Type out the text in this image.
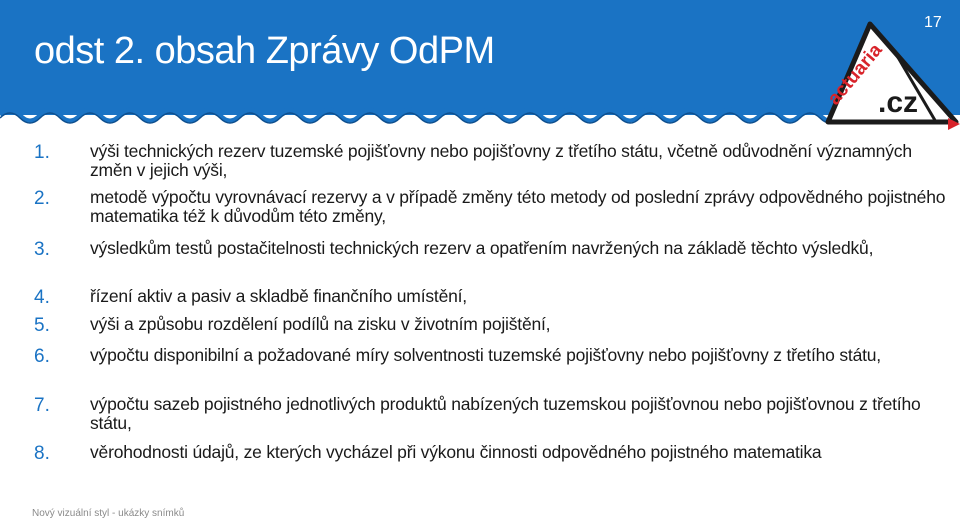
odst 2. obsah Zprávy OdPM
17
.cz
actuaria
1. výši technických rezerv tuzemské pojišťovny nebo pojišťovny z třetího státu, včetně odůvodnění významných změn v jejich výši,
2. metodě výpočtu vyrovnávací rezervy a v případě změny této metody od poslední zprávy odpovědného pojistného matematika též k důvodům této změny,
3. výsledkům testů postačitelnosti technických rezerv a opatřením navržených na základě těchto výsledků,
4. řízení aktiv a pasiv a skladbě finančního umístění,
5. výši a způsobu rozdělení podílů na zisku v životním pojištění,
6. výpočtu disponibilní a požadované míry solventnosti tuzemské pojišťovny nebo pojišťovny z třetího státu,
7. výpočtu sazeb pojistného jednotlivých produktů nabízených tuzemskou pojišťovnou nebo pojišťovnou z třetího státu,
8. věrohodnosti údajů, ze kterých vycházel při výkonu činnosti odpovědného pojistného matematika
Nový vizuální styl - ukázky snímků
